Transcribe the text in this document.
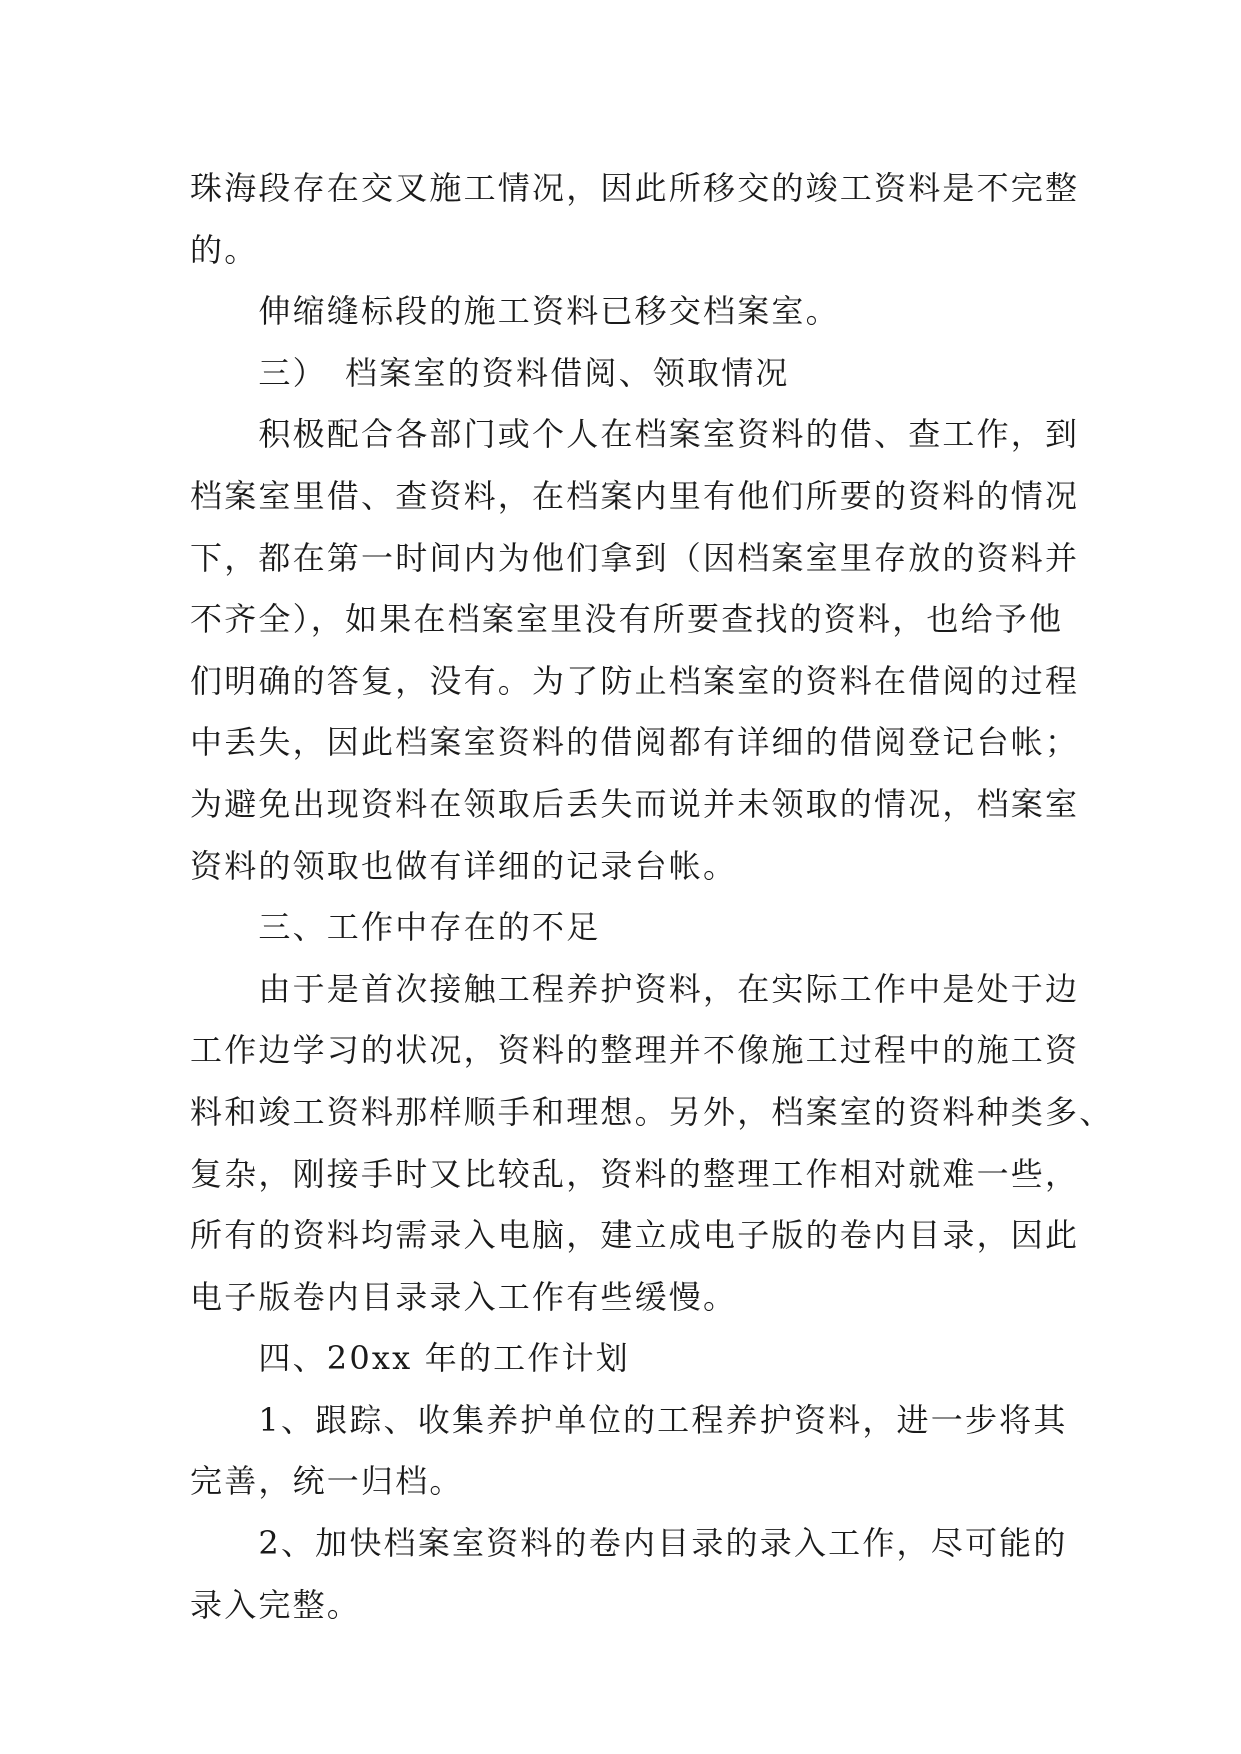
珠海段存在交叉施工情况，因此所移交的竣工资料是不完整
的。
　　伸缩缝标段的施工资料已移交档案室。
　　三）　档案室的资料借阅、领取情况
　　积极配合各部门或个人在档案室资料的借、查工作，到
档案室里借、查资料，在档案内里有他们所要的资料的情况
下，都在第一时间内为他们拿到（因档案室里存放的资料并
不齐全），如果在档案室里没有所要查找的资料，也给予他
们明确的答复，没有。为了防止档案室的资料在借阅的过程
中丢失，因此档案室资料的借阅都有详细的借阅登记台帐；
为避免出现资料在领取后丢失而说并未领取的情况，档案室
资料的领取也做有详细的记录台帐。
　　三、工作中存在的不足
　　由于是首次接触工程养护资料，在实际工作中是处于边
工作边学习的状况，资料的整理并不像施工过程中的施工资
料和竣工资料那样顺手和理想。另外，档案室的资料种类多、
复杂，刚接手时又比较乱，资料的整理工作相对就难一些，
所有的资料均需录入电脑，建立成电子版的卷内目录，因此
电子版卷内目录录入工作有些缓慢。
　　四、20xx 年的工作计划
　　1、跟踪、收集养护单位的工程养护资料，进一步将其
完善，统一归档。
　　2、加快档案室资料的卷内目录的录入工作，尽可能的
录入完整。
